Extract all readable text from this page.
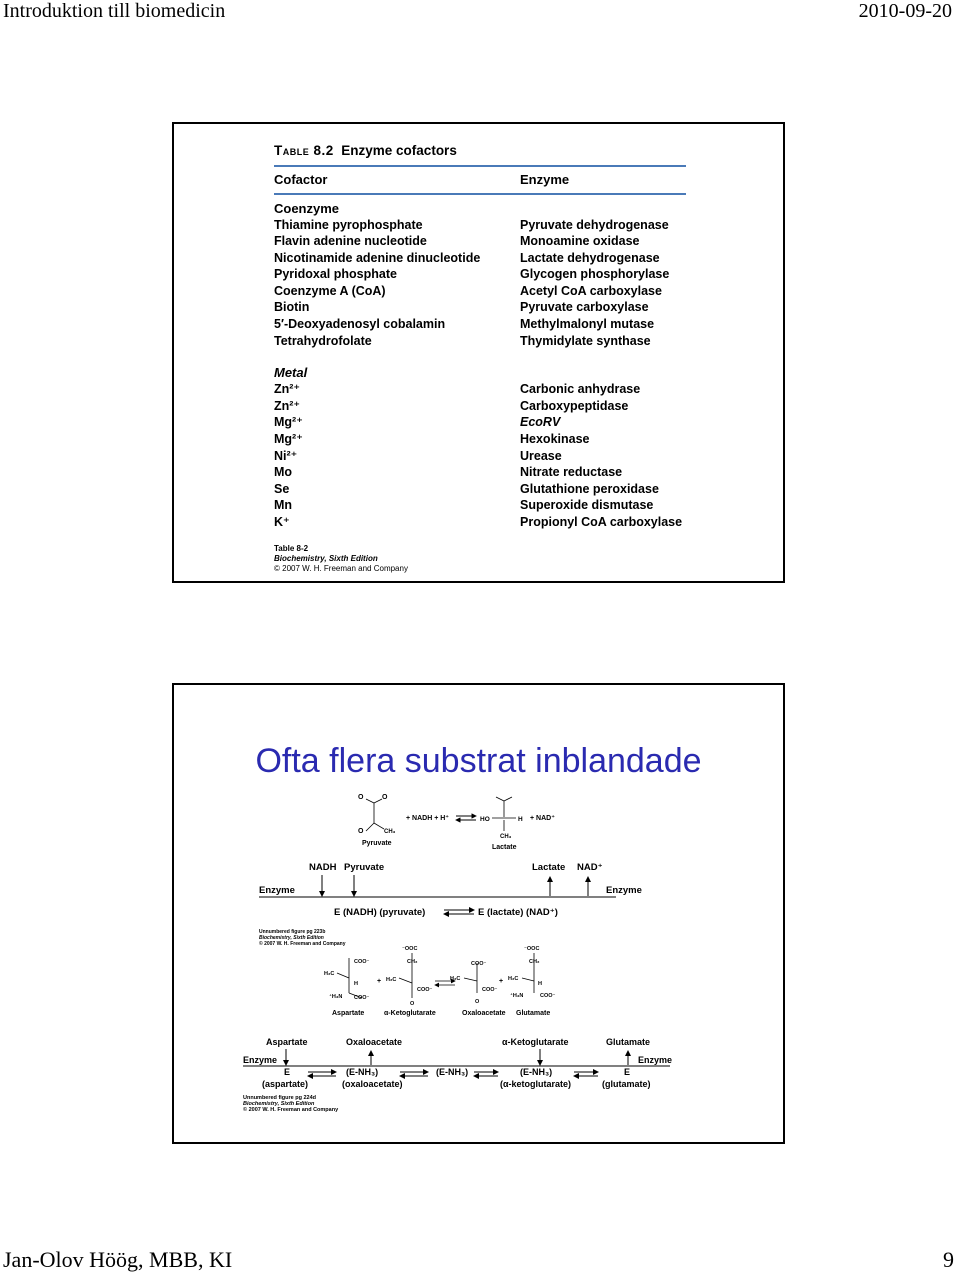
Introduktion till biomedicin	2010-09-20
Table 8.2 Enzyme cofactors
Cofactor	Enzyme
Coenzyme
Thiamine pyrophosphate	Pyruvate dehydrogenase
Flavin adenine nucleotide	Monoamine oxidase
Nicotinamide adenine dinucleotide	Lactate dehydrogenase
Pyridoxal phosphate	Glycogen phosphorylase
Coenzyme A (CoA)	Acetyl CoA carboxylase
Biotin	Pyruvate carboxylase
5′-Deoxyadenosyl cobalamin	Methylmalonyl mutase
Tetrahydrofolate	Thymidylate synthase
Metal
Zn²⁺	Carbonic anhydrase
Zn²⁺	Carboxypeptidase
Mg²⁺	EcoRV
Mg²⁺	Hexokinase
Ni²⁺	Urease
Mo	Nitrate reductase
Se	Glutathione peroxidase
Mn	Superoxide dismutase
K⁺	Propionyl CoA carboxylase
Table 8-2
Biochemistry, Sixth Edition
© 2007 W. H. Freeman and Company
Ofta flera substrat inblandade
O	O
O	CH₃
Pyruvate
+ NADH + H⁺	HO	H
CH₃
+ NAD⁺
Lactate
NADH Pyruvate	Lactate NAD⁺
Enzyme	Enzyme
E (NADH) (pyruvate)	E (lactate) (NAD⁺)
Unnumbered figure pg 223b
Biochemistry, Sixth Edition
© 2007 W. H. Freeman and Company
COO⁻
H₂C
H
⁺H₃N COO⁻
+
⁻OOC
CH₂
H₂C
COO⁻
O
COO⁻
H₂C
COO⁻
O
+
⁻OOC
CH₂
H₂C
H
⁺H₃N	COO⁻
Aspartate	α-Ketoglutarate	Oxaloacetate Glutamate
Aspartate	Oxaloacetate	α-Ketoglutarate	Glutamate
Enzyme	Enzyme
E
(aspartate)
(E-NH₃)
(oxaloacetate)
(E-NH₃)	(E-NH₃)
(α-ketoglutarate)
E
(glutamate)
Unnumbered figure pg 224d
Biochemistry, Sixth Edition
© 2007 W. H. Freeman and Company
Jan-Olov Höög, MBB, KI	9
